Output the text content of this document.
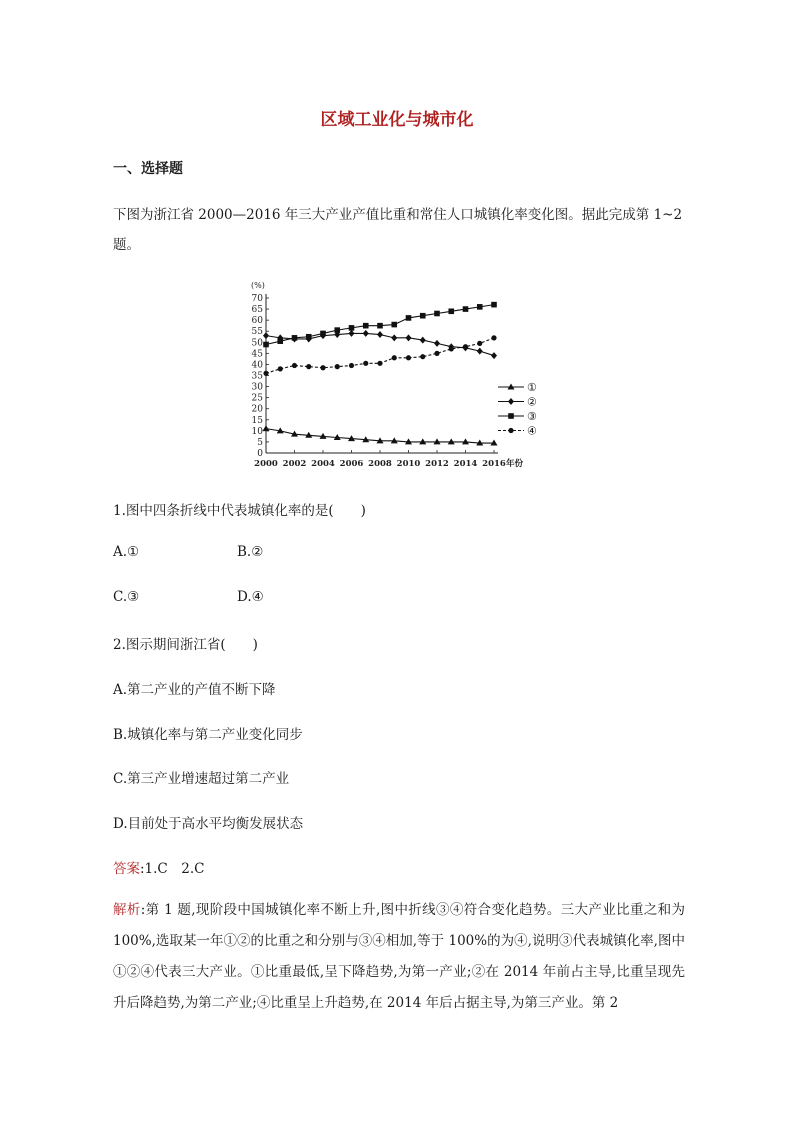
区域工业化与城市化

一、选择题

下图为浙江省 2000—2016 年三大产业产值比重和常住人口城镇化率变化图。据此完成第 1~2 题。

(%)
0
5
10
15
20
25
30
35
40
45
50
55
60
65
70
2000 2002 2004 2006 2008 2010 2012 2014 2016 年份
①
②
③
④

1.图中四条折线中代表城镇化率的是(　　)

A.①	B.②

C.③	D.④

2.图示期间浙江省(　　)

A.第二产业的产值不断下降

B.城镇化率与第二产业变化同步

C.第三产业增速超过第二产业

D.目前处于高水平均衡发展状态

答案:1.C　2.C

解析:第 1 题,现阶段中国城镇化率不断上升,图中折线③④符合变化趋势。三大产业比重之和为 100%,选取某一年①②的比重之和分别与③④相加,等于 100%的为④,说明③代表城镇化率,图中①②④代表三大产业。①比重最低,呈下降趋势,为第一产业;②在 2014 年前占主导,比重呈现先升后降趋势,为第二产业;④比重呈上升趋势,在 2014 年后占据主导,为第三产业。第 2
